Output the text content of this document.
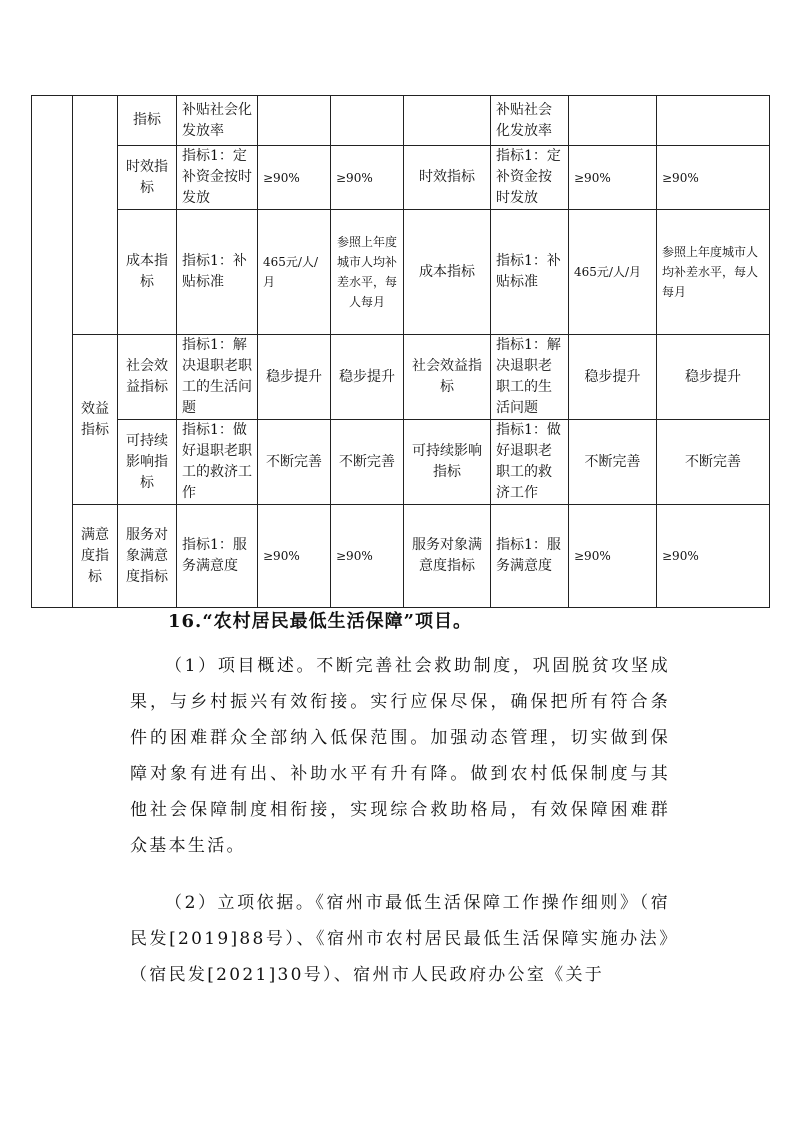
		指标	补贴社会化发放率				补贴社会化发放率		
		时效指标	指标1：定补资金按时发放	≥90%	≥90%	时效指标	指标1：定补资金按时发放	≥90%	≥90%
		成本指标	指标1：补贴标准	465元/人/月	参照上年度城市人均补差水平，每人每月	成本指标	指标1：补贴标准	465元/人/月	参照上年度城市人均补差水平，每人每月
	效益指标	社会效益指标	指标1：解决退职老职工的生活问题	稳步提升	稳步提升	社会效益指标	指标1：解决退职老职工的生活问题	稳步提升	稳步提升
		可持续影响指标	指标1：做好退职老职工的救济工作	不断完善	不断完善	可持续影响指标	指标1：做好退职老职工的救济工作	不断完善	不断完善
	满意度指标	服务对象满意度指标	指标1：服务满意度	≥90%	≥90%	服务对象满意度指标	指标1：服务满意度	≥90%	≥90%
16.“农村居民最低生活保障”项目。
（1）项目概述。不断完善社会救助制度，巩固脱贫攻坚成果，与乡村振兴有效衔接。实行应保尽保，确保把所有符合条件的困难群众全部纳入低保范围。加强动态管理，切实做到保障对象有进有出、补助水平有升有降。做到农村低保制度与其他社会保障制度相衔接，实现综合救助格局，有效保障困难群众基本生活。
（2）立项依据。《宿州市最低生活保障工作操作细则》（宿民发[2019]88号）、《宿州市农村居民最低生活保障实施办法》（宿民发[2021]30号）、宿州市人民政府办公室《关于
